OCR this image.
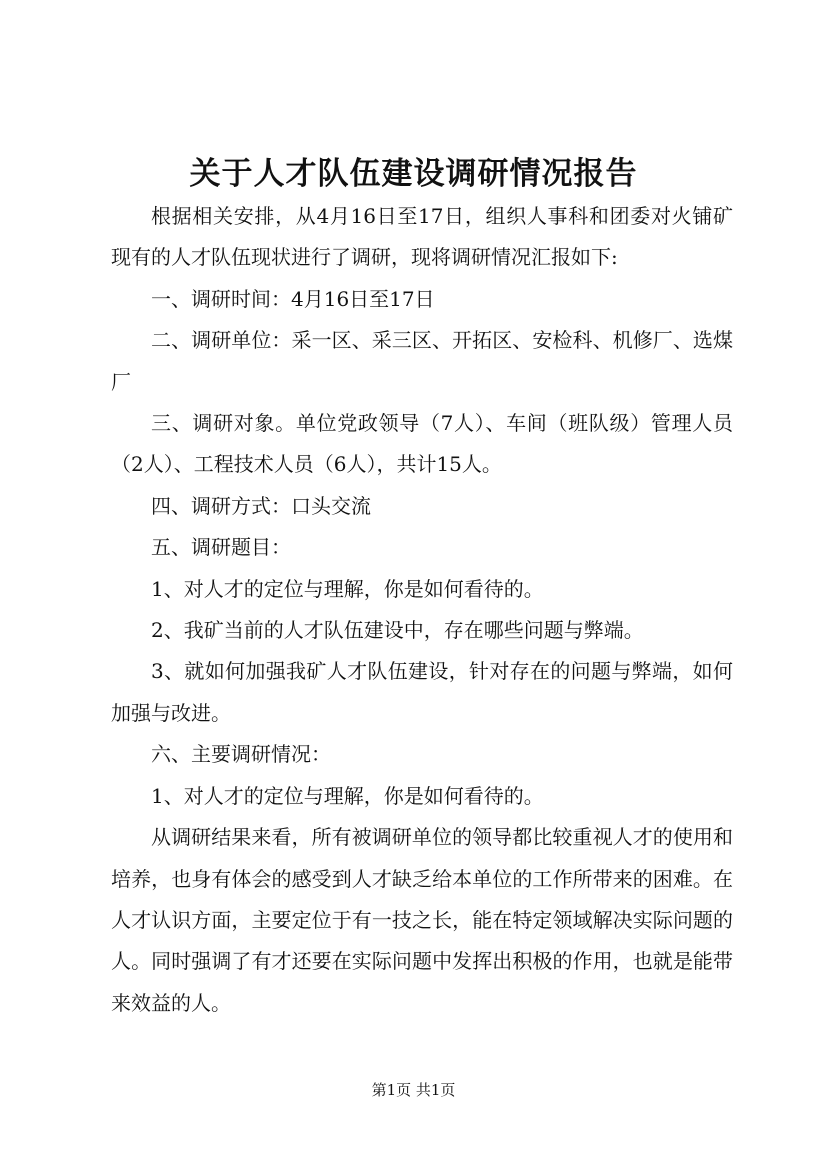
关于人才队伍建设调研情况报告

根据相关安排，从4月16日至17日，组织人事科和团委对火铺矿现有的人才队伍现状进行了调研，现将调研情况汇报如下:

一、调研时间：4月16日至17日

二、调研单位：采一区、采三区、开拓区、安检科、机修厂、选煤厂

三、调研对象。单位党政领导（7人）、车间（班队级）管理人员（2人）、工程技术人员（6人），共计15人。

四、调研方式：口头交流

五、调研题目：

1、对人才的定位与理解，你是如何看待的。

2、我矿当前的人才队伍建设中，存在哪些问题与弊端。

3、就如何加强我矿人才队伍建设，针对存在的问题与弊端，如何加强与改进。

六、主要调研情况：

1、对人才的定位与理解，你是如何看待的。

从调研结果来看，所有被调研单位的领导都比较重视人才的使用和培养，也身有体会的感受到人才缺乏给本单位的工作所带来的困难。在人才认识方面，主要定位于有一技之长，能在特定领域解决实际问题的人。同时强调了有才还要在实际问题中发挥出积极的作用，也就是能带来效益的人。

第1页 共1页
